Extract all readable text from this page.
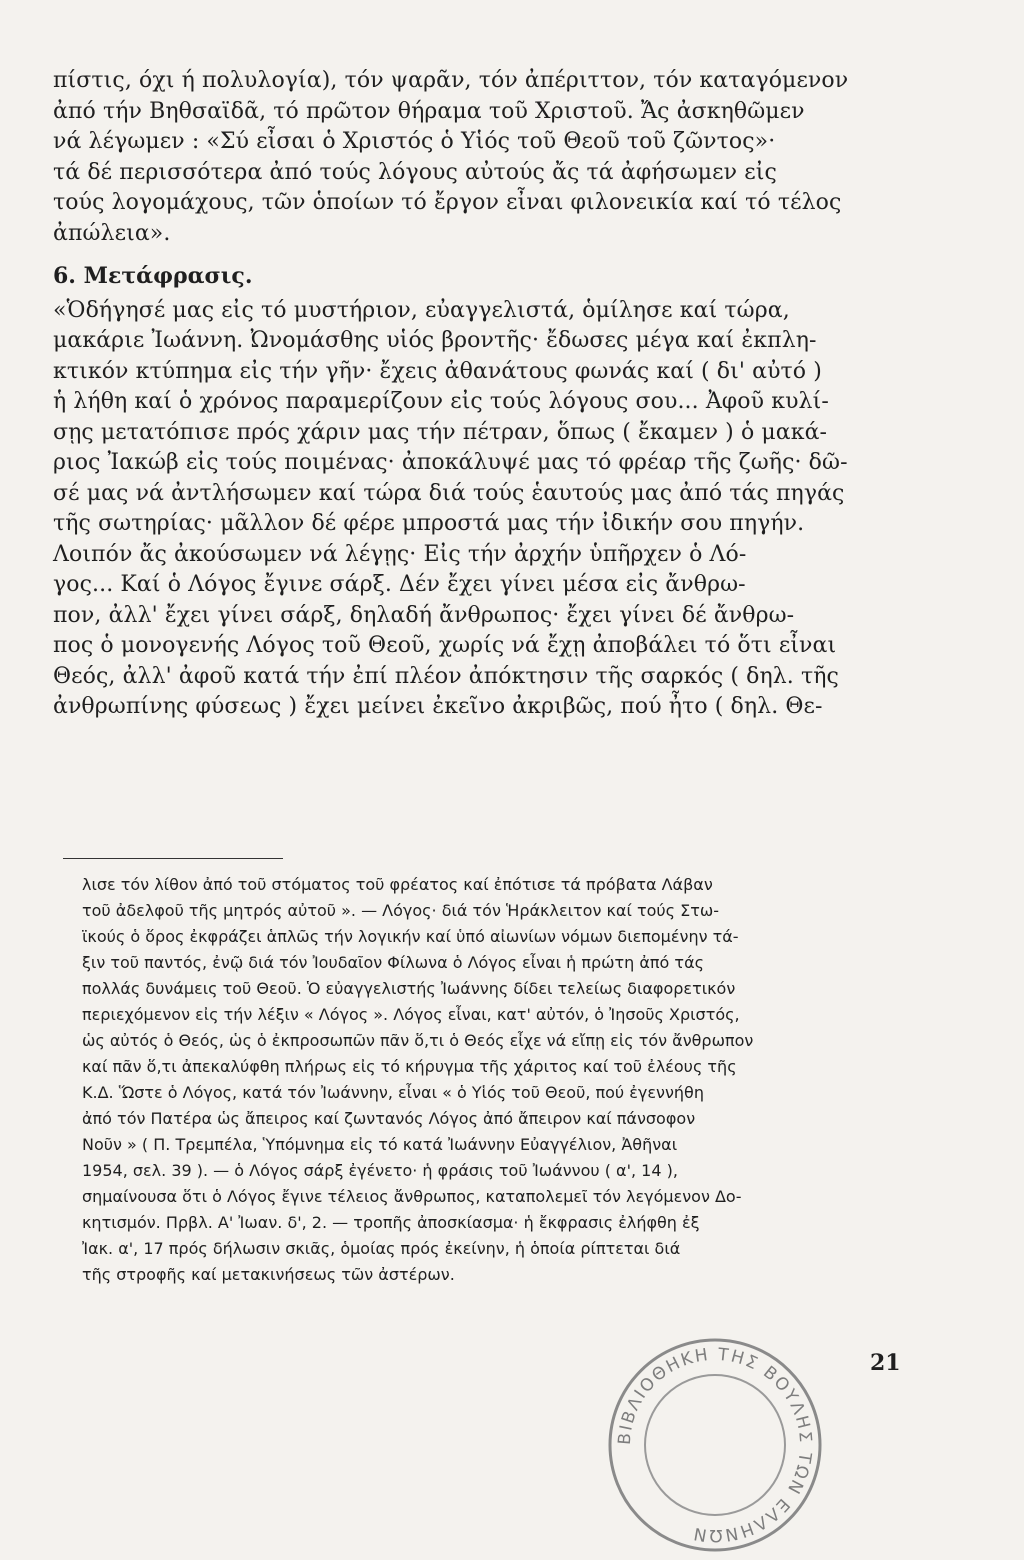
πίστις, όχι ή πολυλογία), τόν ψαρᾶν, τόν ἀπέριττον, τόν καταγόμενον
ἀπό τήν Βηθσαϊδᾶ, τό πρῶτον θήραμα τοῦ Χριστοῦ. Ἄς ἀσκηθῶμεν
νά λέγωμεν : «Σύ εἶσαι ὁ Χριστός ὁ Υἱός τοῦ Θεοῦ τοῦ ζῶντος»·
τά δέ περισσότερα ἀπό τούς λόγους αὐτούς ἄς τά ἀφήσωμεν εἰς
τούς λογομάχους, τῶν ὁποίων τό ἔργον εἶναι φιλονεικία καί τό τέλος
ἀπώλεια».
6. Μετάφρασις.
«Ὁδήγησέ μας εἰς τό μυστήριον, εὐαγγελιστά, ὁμίλησε καί τώρα,
μακάριε Ἰωάννη. Ὠνομάσθης υἱός βροντῆς· ἔδωσες μέγα καί ἐκπλη-
κτικόν κτύπημα εἰς τήν γῆν· ἔχεις ἀθανάτους φωνάς καί ( δι' αὐτό )
ἡ λήθη καί ὁ χρόνος παραμερίζουν εἰς τούς λόγους σου... Ἀφοῦ κυλί-
σῃς μετατόπισε πρός χάριν μας τήν πέτραν, ὅπως ( ἔκαμεν ) ὁ μακά-
ριος Ἰακώβ εἰς τούς ποιμένας· ἀποκάλυψέ μας τό φρέαρ τῆς ζωῆς· δῶ-
σέ μας νά ἀντλήσωμεν καί τώρα διά τούς ἑαυτούς μας ἀπό τάς πηγάς
τῆς σωτηρίας· μᾶλλον δέ φέρε μπροστά μας τήν ἰδικήν σου πηγήν.
Λοιπόν ἄς ἀκούσωμεν νά λέγῃς· Εἰς τήν ἀρχήν ὑπῆρχεν ὁ Λό-
γος... Καί ὁ Λόγος ἔγινε σάρξ. Δέν ἔχει γίνει μέσα εἰς ἄνθρω-
πον, ἀλλ' ἔχει γίνει σάρξ, δηλαδή ἄνθρωπος· ἔχει γίνει δέ ἄνθρω-
πος ὁ μονογενής Λόγος τοῦ Θεοῦ, χωρίς νά ἔχῃ ἀποβάλει τό ὅτι εἶναι
Θεός, ἀλλ' ἀφοῦ κατά τήν ἐπί πλέον ἀπόκτησιν τῆς σαρκός ( δηλ. τῆς
ἀνθρωπίνης φύσεως ) ἔχει μείνει ἐκεῖνο ἀκριβῶς, πού ἦτο ( δηλ. Θε-
λισε τόν λίθον ἀπό τοῦ στόματος τοῦ φρέατος καί ἐπότισε τά πρόβατα Λάβαν
τοῦ ἀδελφοῦ τῆς μητρός αὐτοῦ ». — Λόγος· διά τόν Ἡράκλειτον καί τούς Στω-
ϊκούς ὁ ὅρος ἐκφράζει ἁπλῶς τήν λογικήν καί ὑπό αἰωνίων νόμων διεπομένην τά-
ξιν τοῦ παντός, ἐνῷ διά τόν Ἰουδαῖον Φίλωνα ὁ Λόγος εἶναι ἡ πρώτη ἀπό τάς
πολλάς δυνάμεις τοῦ Θεοῦ. Ὁ εὐαγγελιστής Ἰωάννης δίδει τελείως διαφορετικόν
περιεχόμενον εἰς τήν λέξιν « Λόγος ». Λόγος εἶναι, κατ' αὐτόν, ὁ Ἰησοῦς Χριστός,
ὡς αὐτός ὁ Θεός, ὡς ὁ ἐκπροσωπῶν πᾶν ὅ,τι ὁ Θεός εἶχε νά εἴπῃ εἰς τόν ἄνθρωπον
καί πᾶν ὅ,τι ἀπεκαλύφθη πλήρως εἰς τό κήρυγμα τῆς χάριτος καί τοῦ ἐλέους τῆς
Κ.Δ. Ὥστε ὁ Λόγος, κατά τόν Ἰωάννην, εἶναι « ὁ Υἱός τοῦ Θεοῦ, πού ἐγεννήθη
ἀπό τόν Πατέρα ὡς ἄπειρος καί ζωντανός Λόγος ἀπό ἄπειρον καί πάνσοφον
Νοῦν » ( Π. Τρεμπέλα, Ὑπόμνημα εἰς τό κατά Ἰωάννην Εὐαγγέλιον, Ἀθῆναι
1954, σελ. 39 ). — ὁ Λόγος σάρξ ἐγένετο· ἡ φράσις τοῦ Ἰωάννου ( α', 14 ),
σημαίνουσα ὅτι ὁ Λόγος ἔγινε τέλειος ἄνθρωπος, καταπολεμεῖ τόν λεγόμενον Δο-
κητισμόν. Πρβλ. Α' Ἰωαν. δ', 2. — τροπῆς ἀποσκίασμα· ἡ ἔκφρασις ἐλήφθη ἐξ
Ἰακ. α', 17 πρός δήλωσιν σκιᾶς, ὁμοίας πρός ἐκείνην, ἡ ὁποία ρίπτεται διά
τῆς στροφῆς καί μετακινήσεως τῶν ἀστέρων.
21
ΒΙΒΛΙΟΘΗΚΗ ΤΗΣ ΒΟΥΛΗΣ ΤΩΝ ΕΛΛΗΝΩΝ
